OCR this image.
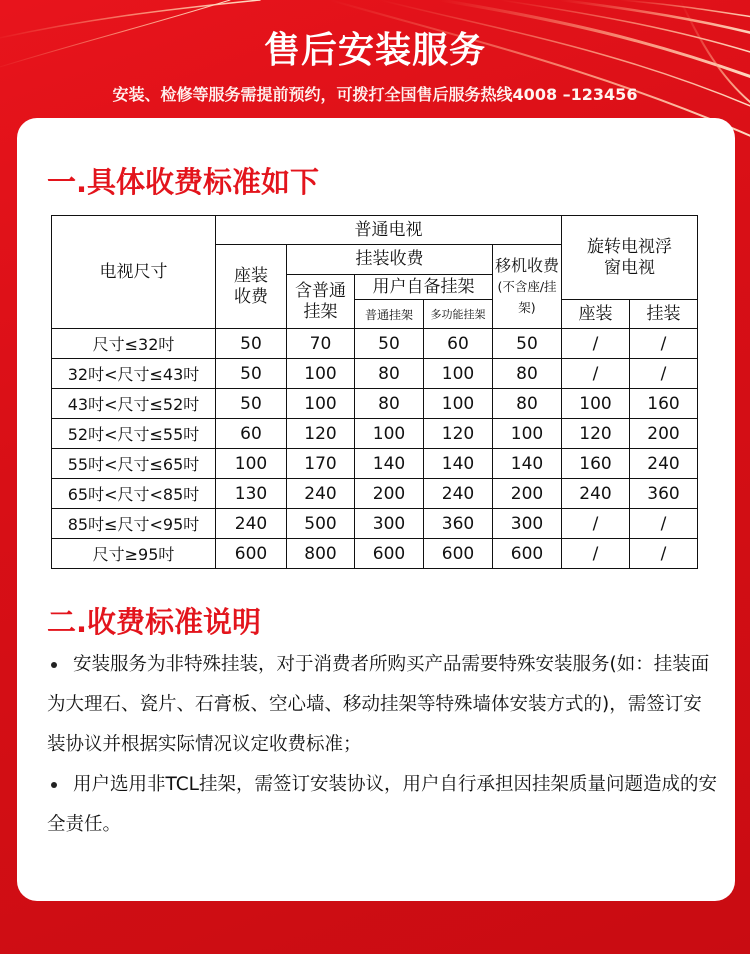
售后安装服务
安装、检修等服务需提前预约，可拨打全国售后服务热线4008 –123456
一.具体收费标准如下
电视尺寸	普通电视					旋转电视浮窗电视	
	座装收费	挂装收费			移机收费(不含座/挂架)		
		含普通挂架	用户自备挂架				
			普通挂架	多功能挂架		座装	挂装
尺寸≤32吋	50	70	50	60	50	/	/
32吋<尺寸≤43吋	50	100	80	100	80	/	/
43吋<尺寸≤52吋	50	100	80	100	80	100	160
52吋<尺寸≤55吋	60	120	100	120	100	120	200
55吋<尺寸≤65吋	100	170	140	140	140	160	240
65吋<尺寸<85吋	130	240	200	240	200	240	360
85吋≤尺寸<95吋	240	500	300	360	300	/	/
尺寸≥95吋	600	800	600	600	600	/	/
二.收费标准说明
安装服务为非特殊挂装，对于消费者所购买产品需要特殊安装服务(如：挂装面为大理石、瓷片、石膏板、空心墙、移动挂架等特殊墙体安装方式的)，需签订安装协议并根据实际情况议定收费标准；
用户选用非TCL挂架，需签订安装协议，用户自行承担因挂架质量问题造成的安全责任。
